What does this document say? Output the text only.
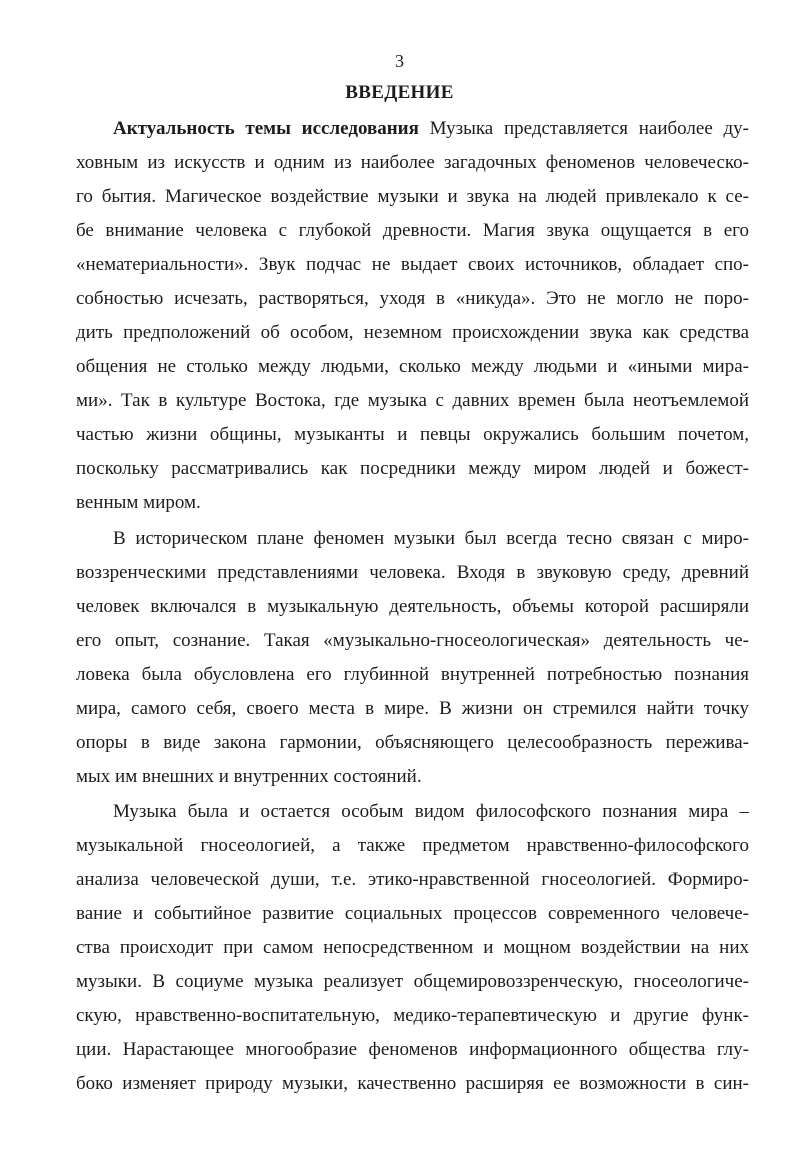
3
ВВЕДЕНИЕ
Актуальность темы исследования Музыка представляется наиболее ду-
ховным из искусств и одним из наиболее загадочных феноменов человеческо-
го бытия. Магическое воздействие музыки и звука на людей привлекало к се-
бе внимание человека с глубокой древности. Магия звука ощущается в его
«нематериальности». Звук подчас не выдает своих источников, обладает спо-
собностью исчезать, растворяться, уходя в «никуда». Это не могло не поро-
дить предположений об особом, неземном происхождении звука как средства
общения не столько между людьми, сколько между людьми и «иными мира-
ми». Так в культуре Востока, где музыка с давних времен была неотъемлемой
частью жизни общины, музыканты и певцы окружались большим почетом,
поскольку рассматривались как посредники между миром людей и божест-
венным миром.
В историческом плане феномен музыки был всегда тесно связан с миро-
воззренческими представлениями человека. Входя в звуковую среду, древний
человек включался в музыкальную деятельность, объемы которой расширяли
его опыт, сознание. Такая «музыкально-гносеологическая» деятельность че-
ловека была обусловлена его глубинной внутренней потребностью познания
мира, самого себя, своего места в мире. В жизни он стремился найти точку
опоры в виде закона гармонии, объясняющего целесообразность пережива-
мых им внешних и внутренних состояний.
Музыка была и остается особым видом философского познания мира –
музыкальной гносеологией, а также предметом нравственно-философского
анализа человеческой души, т.е. этико-нравственной гносеологией. Формиро-
вание и событийное развитие социальных процессов современного человече-
ства происходит при самом непосредственном и мощном воздействии на них
музыки. В социуме музыка реализует общемировоззренческую, гносеологиче-
скую, нравственно-воспитательную, медико-терапевтическую и другие функ-
ции. Нарастающее многообразие феноменов информационного общества глу-
боко изменяет природу музыки, качественно расширяя ее возможности в син-
